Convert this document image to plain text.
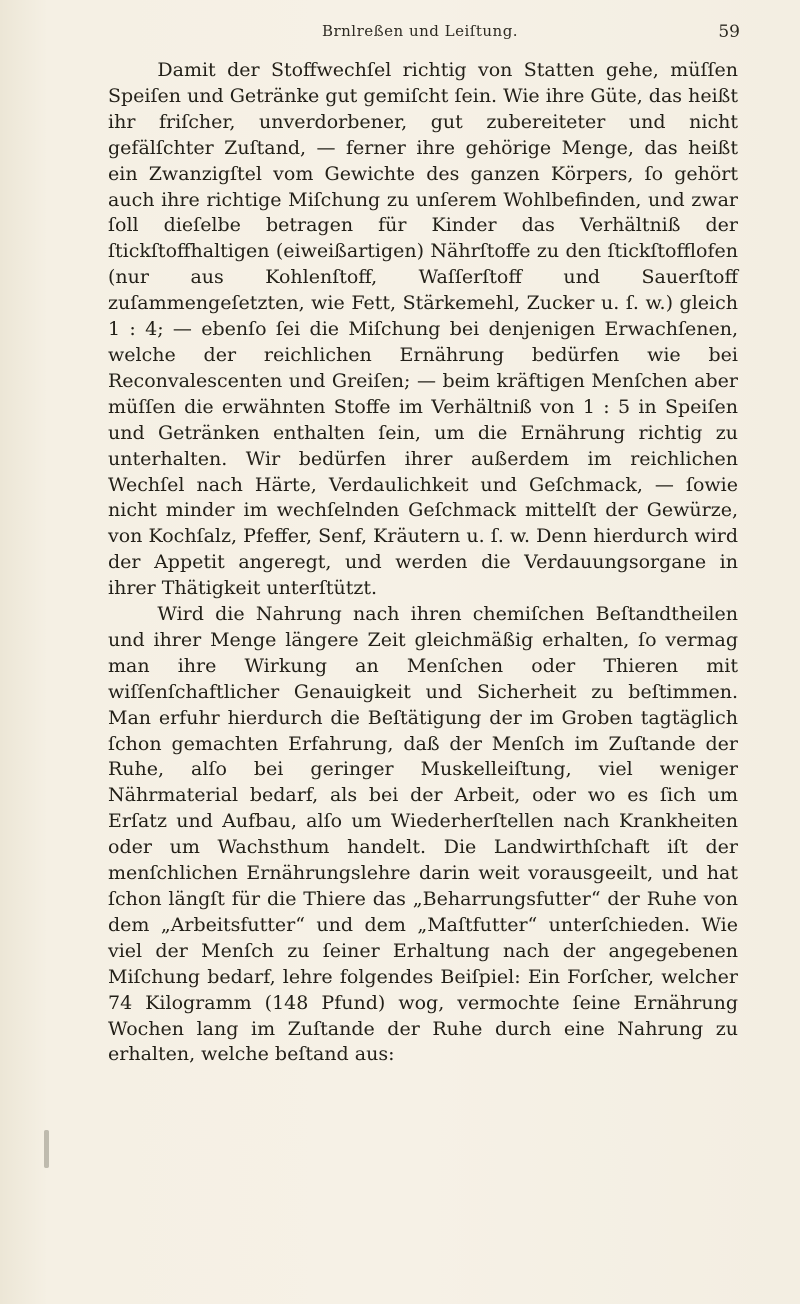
Brnlreßen und Leiſtung.	59

Damit der Stoffwechſel richtig von Statten gehe, müſſen Speiſen und Getränke gut gemiſcht ſein. Wie ihre Güte, das heißt ihr friſcher, unverdorbener, gut zubereiteter und nicht gefälſchter Zuſtand, — ferner ihre gehörige Menge, das heißt ein Zwanzigſtel vom Gewichte des ganzen Körpers, ſo gehört auch ihre richtige Miſchung zu unſerem Wohlbefinden, und zwar ſoll dieſelbe betragen für Kinder das Verhältniß der ſtickſtoffhaltigen (eiweißartigen) Nährſtoffe zu den ſtickſtofflofen (nur aus Kohlenſtoff, Waſſerſtoff und Sauerſtoff zuſammengeſetzten, wie Fett, Stärkemehl, Zucker u. ſ. w.) gleich 1 : 4; — ebenſo ſei die Miſchung bei denjenigen Erwachſenen, welche der reichlichen Ernährung bedürfen wie bei Reconvalescenten und Greiſen; — beim kräftigen Menſchen aber müſſen die erwähnten Stoffe im Verhältniß von 1 : 5 in Speiſen und Getränken enthalten ſein, um die Ernährung richtig zu unterhalten. Wir bedürfen ihrer außerdem im reichlichen Wechſel nach Härte, Verdaulichkeit und Geſchmack, — ſowie nicht minder im wechſelnden Geſchmack mittelſt der Gewürze, von Kochſalz, Pfeffer, Senf, Kräutern u. ſ. w. Denn hierdurch wird der Appetit angeregt, und werden die Verdauungsorgane in ihrer Thätigkeit unterſtützt.

Wird die Nahrung nach ihren chemiſchen Beſtandtheilen und ihrer Menge längere Zeit gleichmäßig erhalten, ſo vermag man ihre Wirkung an Menſchen oder Thieren mit wiſſenſchaftlicher Genauigkeit und Sicherheit zu beſtimmen. Man erfuhr hierdurch die Beſtätigung der im Groben tagtäglich ſchon gemachten Erfahrung, daß der Menſch im Zuſtande der Ruhe, alſo bei geringer Muskelleiſtung, viel weniger Nährmaterial bedarf, als bei der Arbeit, oder wo es ſich um Erſatz und Aufbau, alſo um Wiederherſtellen nach Krankheiten oder um Wachsthum handelt. Die Landwirthſchaft iſt der menſchlichen Ernährungslehre darin weit vorausgeeilt, und hat ſchon längſt für die Thiere das „Beharrungsfutter“ der Ruhe von dem „Arbeitsfutter“ und dem „Maſtfutter“ unterſchieden. Wie viel der Menſch zu ſeiner Erhaltung nach der angegebenen Miſchung bedarf, lehre folgendes Beiſpiel: Ein Forſcher, welcher 74 Kilogramm (148 Pfund) wog, vermochte ſeine Ernährung Wochen lang im Zuſtande der Ruhe durch eine Nahrung zu erhalten, welche beſtand aus:
